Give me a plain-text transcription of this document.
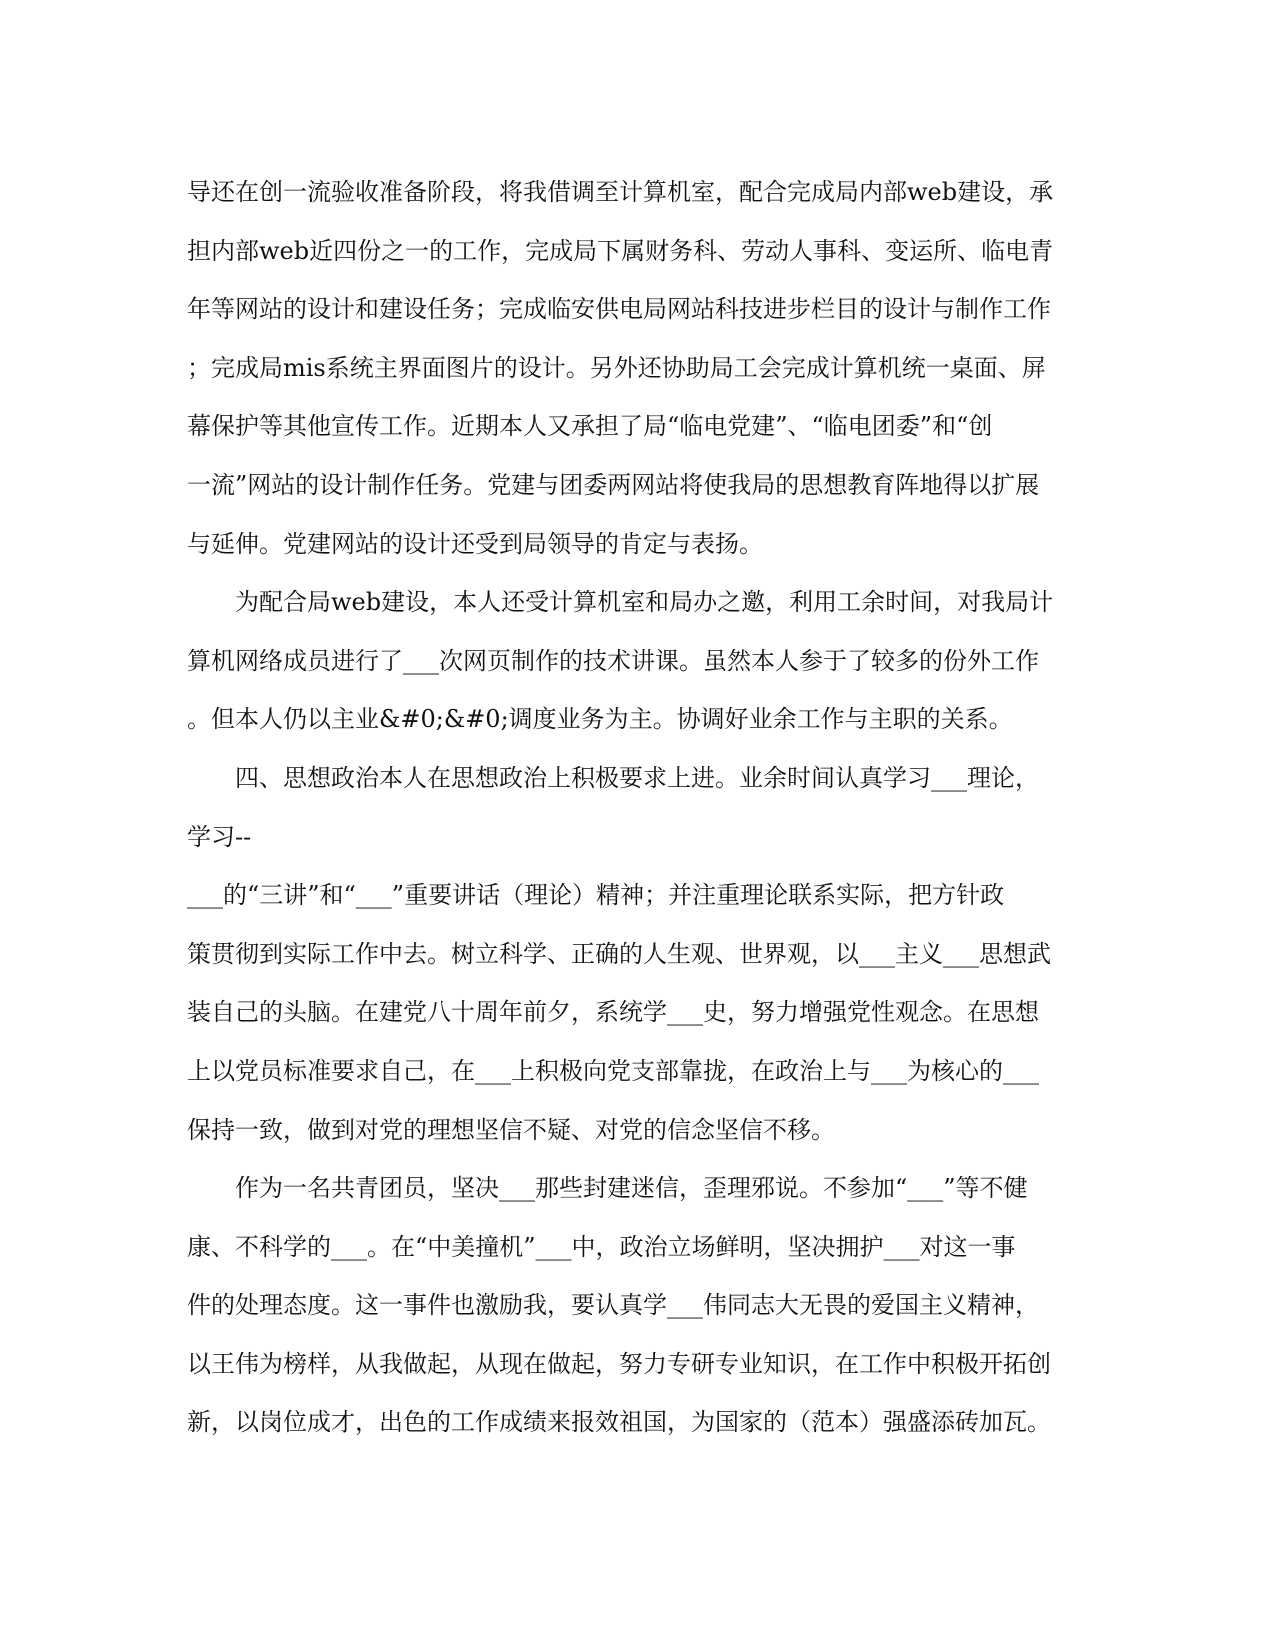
导还在创一流验收准备阶段，将我借调至计算机室，配合完成局内部web建设，承
担内部web近四份之一的工作，完成局下属财务科、劳动人事科、变运所、临电青
年等网站的设计和建设任务；完成临安供电局网站科技进步栏目的设计与制作工作
；完成局mis系统主界面图片的设计。另外还协助局工会完成计算机统一桌面、屏
幕保护等其他宣传工作。近期本人又承担了局“临电党建”、“临电团委”和“创
一流”网站的设计制作任务。党建与团委两网站将使我局的思想教育阵地得以扩展
与延伸。党建网站的设计还受到局领导的肯定与表扬。
为配合局web建设，本人还受计算机室和局办之邀，利用工余时间，对我局计
算机网络成员进行了___次网页制作的技术讲课。虽然本人参于了较多的份外工作
。但本人仍以主业&#0;&#0;调度业务为主。协调好业余工作与主职的关系。
四、思想政治本人在思想政治上积极要求上进。业余时间认真学习___理论，
学习--
___的“三讲”和“___”重要讲话（理论）精神；并注重理论联系实际，把方针政
策贯彻到实际工作中去。树立科学、正确的人生观、世界观，以___主义___思想武
装自己的头脑。在建党八十周年前夕，系统学___史，努力增强党性观念。在思想
上以党员标准要求自己，在___上积极向党支部靠拢，在政治上与___为核心的___
保持一致，做到对党的理想坚信不疑、对党的信念坚信不移。
作为一名共青团员，坚决___那些封建迷信，歪理邪说。不参加“___”等不健
康、不科学的___。在“中美撞机”___中，政治立场鲜明，坚决拥护___对这一事
件的处理态度。这一事件也激励我，要认真学___伟同志大无畏的爱国主义精神，
以王伟为榜样，从我做起，从现在做起，努力专研专业知识，在工作中积极开拓创
新，以岗位成才，出色的工作成绩来报效祖国，为国家的（范本）强盛添砖加瓦。
